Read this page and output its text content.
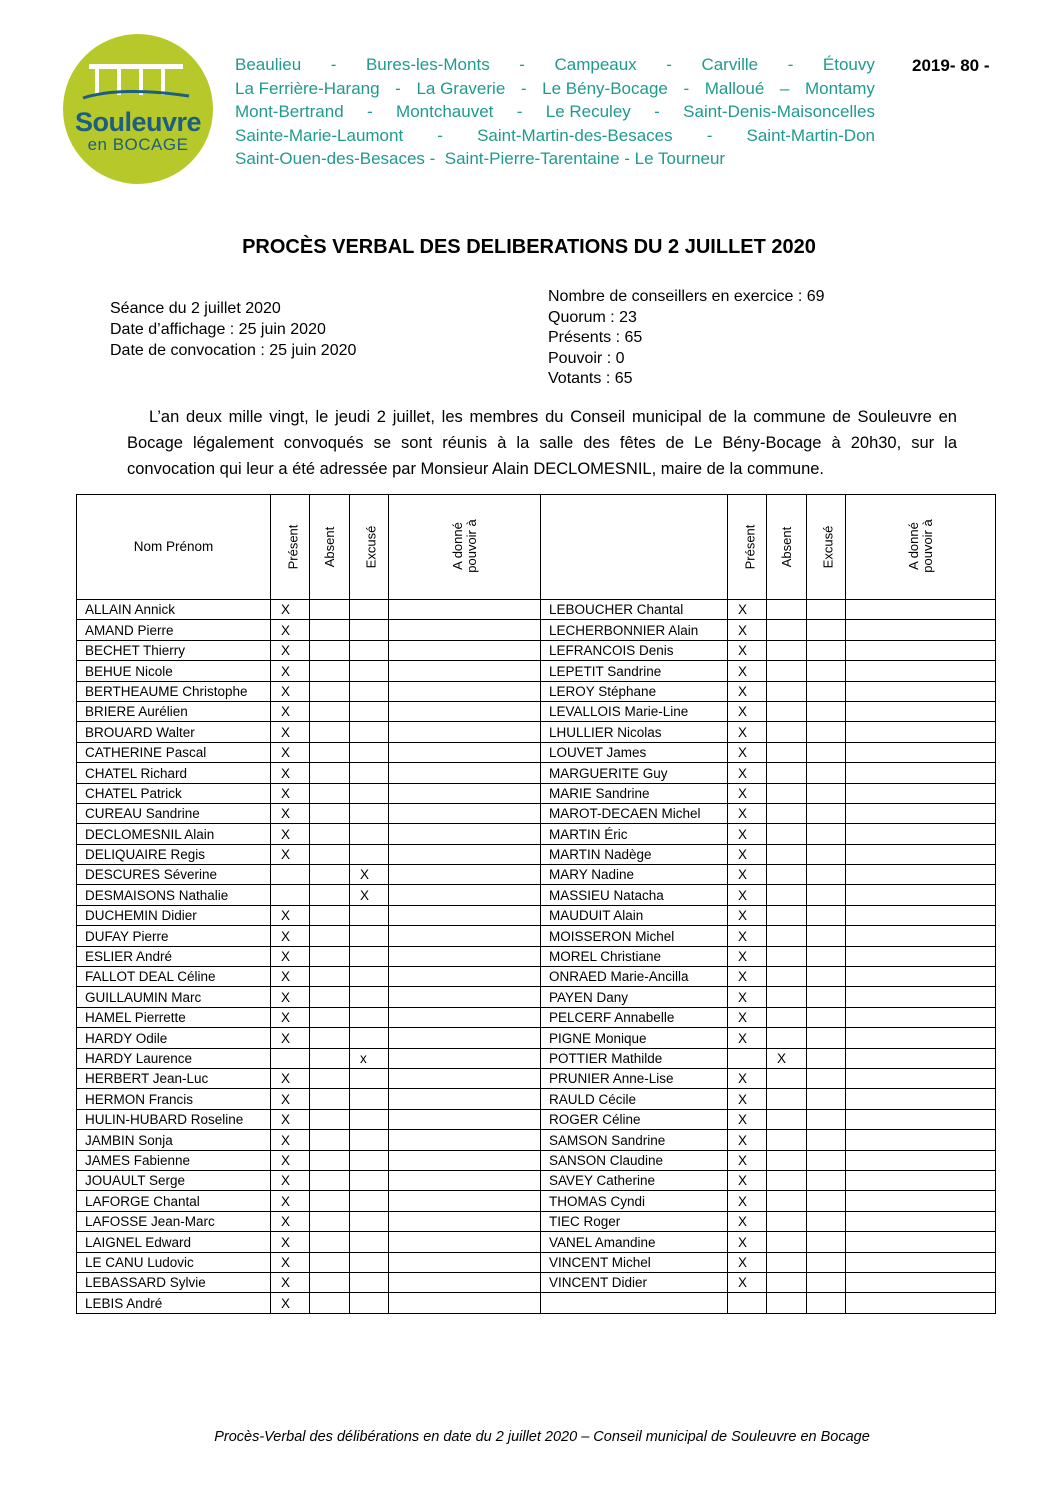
Souleuvre
en BOCAGE
Beaulieu - Bures-les-Monts - Campeaux - Carville - Étouvy
La Ferrière-Harang - La Graverie - Le Bény-Bocage - Malloué – Montamy
Mont-Bertrand - Montchauvet - Le Reculey - Saint-Denis-Maisoncelles
Sainte-Marie-Laumont - Saint-Martin-des-Besaces - Saint-Martin-Don
Saint-Ouen-des-Besaces -  Saint-Pierre-Tarentaine - Le Tourneur
2019- 80 -
PROCÈS VERBAL DES DELIBERATIONS DU 2 JUILLET 2020
Séance du 2 juillet 2020
Date d’affichage : 25 juin 2020
Date de convocation : 25 juin 2020
Nombre de conseillers en exercice : 69
Quorum : 23
Présents : 65
Pouvoir : 0
Votants : 65
L’an deux mille vingt, le jeudi 2 juillet, les membres du Conseil municipal de la commune de Souleuvre en Bocage légalement convoqués se sont réunis à la salle des fêtes de Le Bény-Bocage à 20h30, sur la convocation qui leur a été adressée par Monsieur Alain DECLOMESNIL, maire de la commune.
Nom Prénom	Présent	Absent	Excusé	A donné pouvoir à		Présent	Absent	Excusé	A donné pouvoir à
ALLAIN Annick	X				LEBOUCHER Chantal	X			
AMAND Pierre	X				LECHERBONNIER Alain	X			
BECHET Thierry	X				LEFRANCOIS Denis	X			
BEHUE Nicole	X				LEPETIT Sandrine	X			
BERTHEAUME Christophe	X				LEROY Stéphane	X			
BRIERE Aurélien	X				LEVALLOIS Marie-Line	X			
BROUARD Walter	X				LHULLIER Nicolas	X			
CATHERINE Pascal	X				LOUVET James	X			
CHATEL Richard	X				MARGUERITE Guy	X			
CHATEL Patrick	X				MARIE Sandrine	X			
CUREAU Sandrine	X				MAROT-DECAEN Michel	X			
DECLOMESNIL Alain	X				MARTIN Éric	X			
DELIQUAIRE Regis	X				MARTIN Nadège	X			
DESCURES Séverine			X		MARY Nadine	X			
DESMAISONS Nathalie			X		MASSIEU Natacha	X			
DUCHEMIN Didier	X				MAUDUIT Alain	X			
DUFAY Pierre	X				MOISSERON Michel	X			
ESLIER André	X				MOREL Christiane	X			
FALLOT DEAL Céline	X				ONRAED Marie-Ancilla	X			
GUILLAUMIN Marc	X				PAYEN Dany	X			
HAMEL Pierrette	X				PELCERF Annabelle	X			
HARDY Odile	X				PIGNE Monique	X			
HARDY Laurence			x		POTTIER Mathilde		X		
HERBERT Jean-Luc	X				PRUNIER Anne-Lise	X			
HERMON Francis	X				RAULD Cécile	X			
HULIN-HUBARD Roseline	X				ROGER Céline	X			
JAMBIN Sonja	X				SAMSON Sandrine	X			
JAMES Fabienne	X				SANSON Claudine	X			
JOUAULT Serge	X				SAVEY Catherine	X			
LAFORGE Chantal	X				THOMAS Cyndi	X			
LAFOSSE Jean-Marc	X				TIEC Roger	X			
LAIGNEL Edward	X				VANEL Amandine	X			
LE CANU Ludovic	X				VINCENT Michel	X			
LEBASSARD Sylvie	X				VINCENT Didier	X			
LEBIS André	X								
Procès-Verbal des délibérations en date du 2 juillet 2020 – Conseil municipal de Souleuvre en Bocage
